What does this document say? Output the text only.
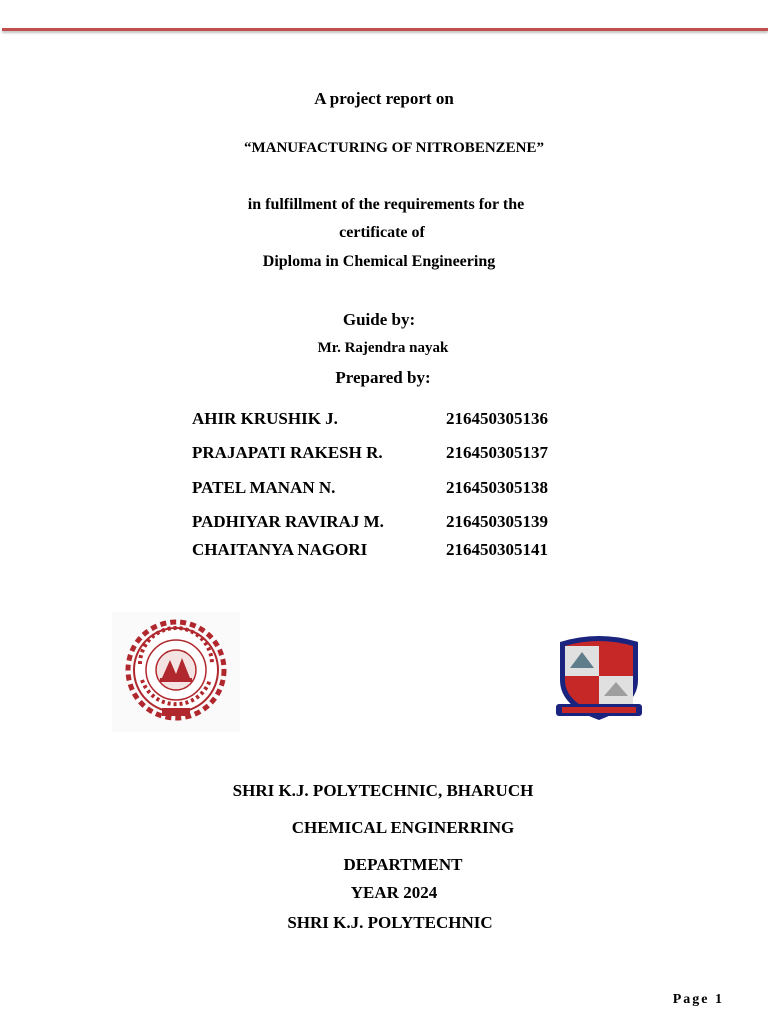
A project report on
“MANUFACTURING OF NITROBENZENE”
in fulfillment of the requirements for the
certificate of
Diploma in Chemical Engineering
Guide by:
Mr. Rajendra nayak
Prepared by:
AHIR KRUSHIK J.	216450305136
PRAJAPATI RAKESH R.	216450305137
PATEL MANAN N.	216450305138
PADHIYAR RAVIRAJ M.	216450305139
CHAITANYA NAGORI	216450305141
SHRI K.J. POLYTECHNIC, BHARUCH
CHEMICAL ENGINERRING
DEPARTMENT
YEAR 2024
SHRI K.J. POLYTECHNIC
Page 1
